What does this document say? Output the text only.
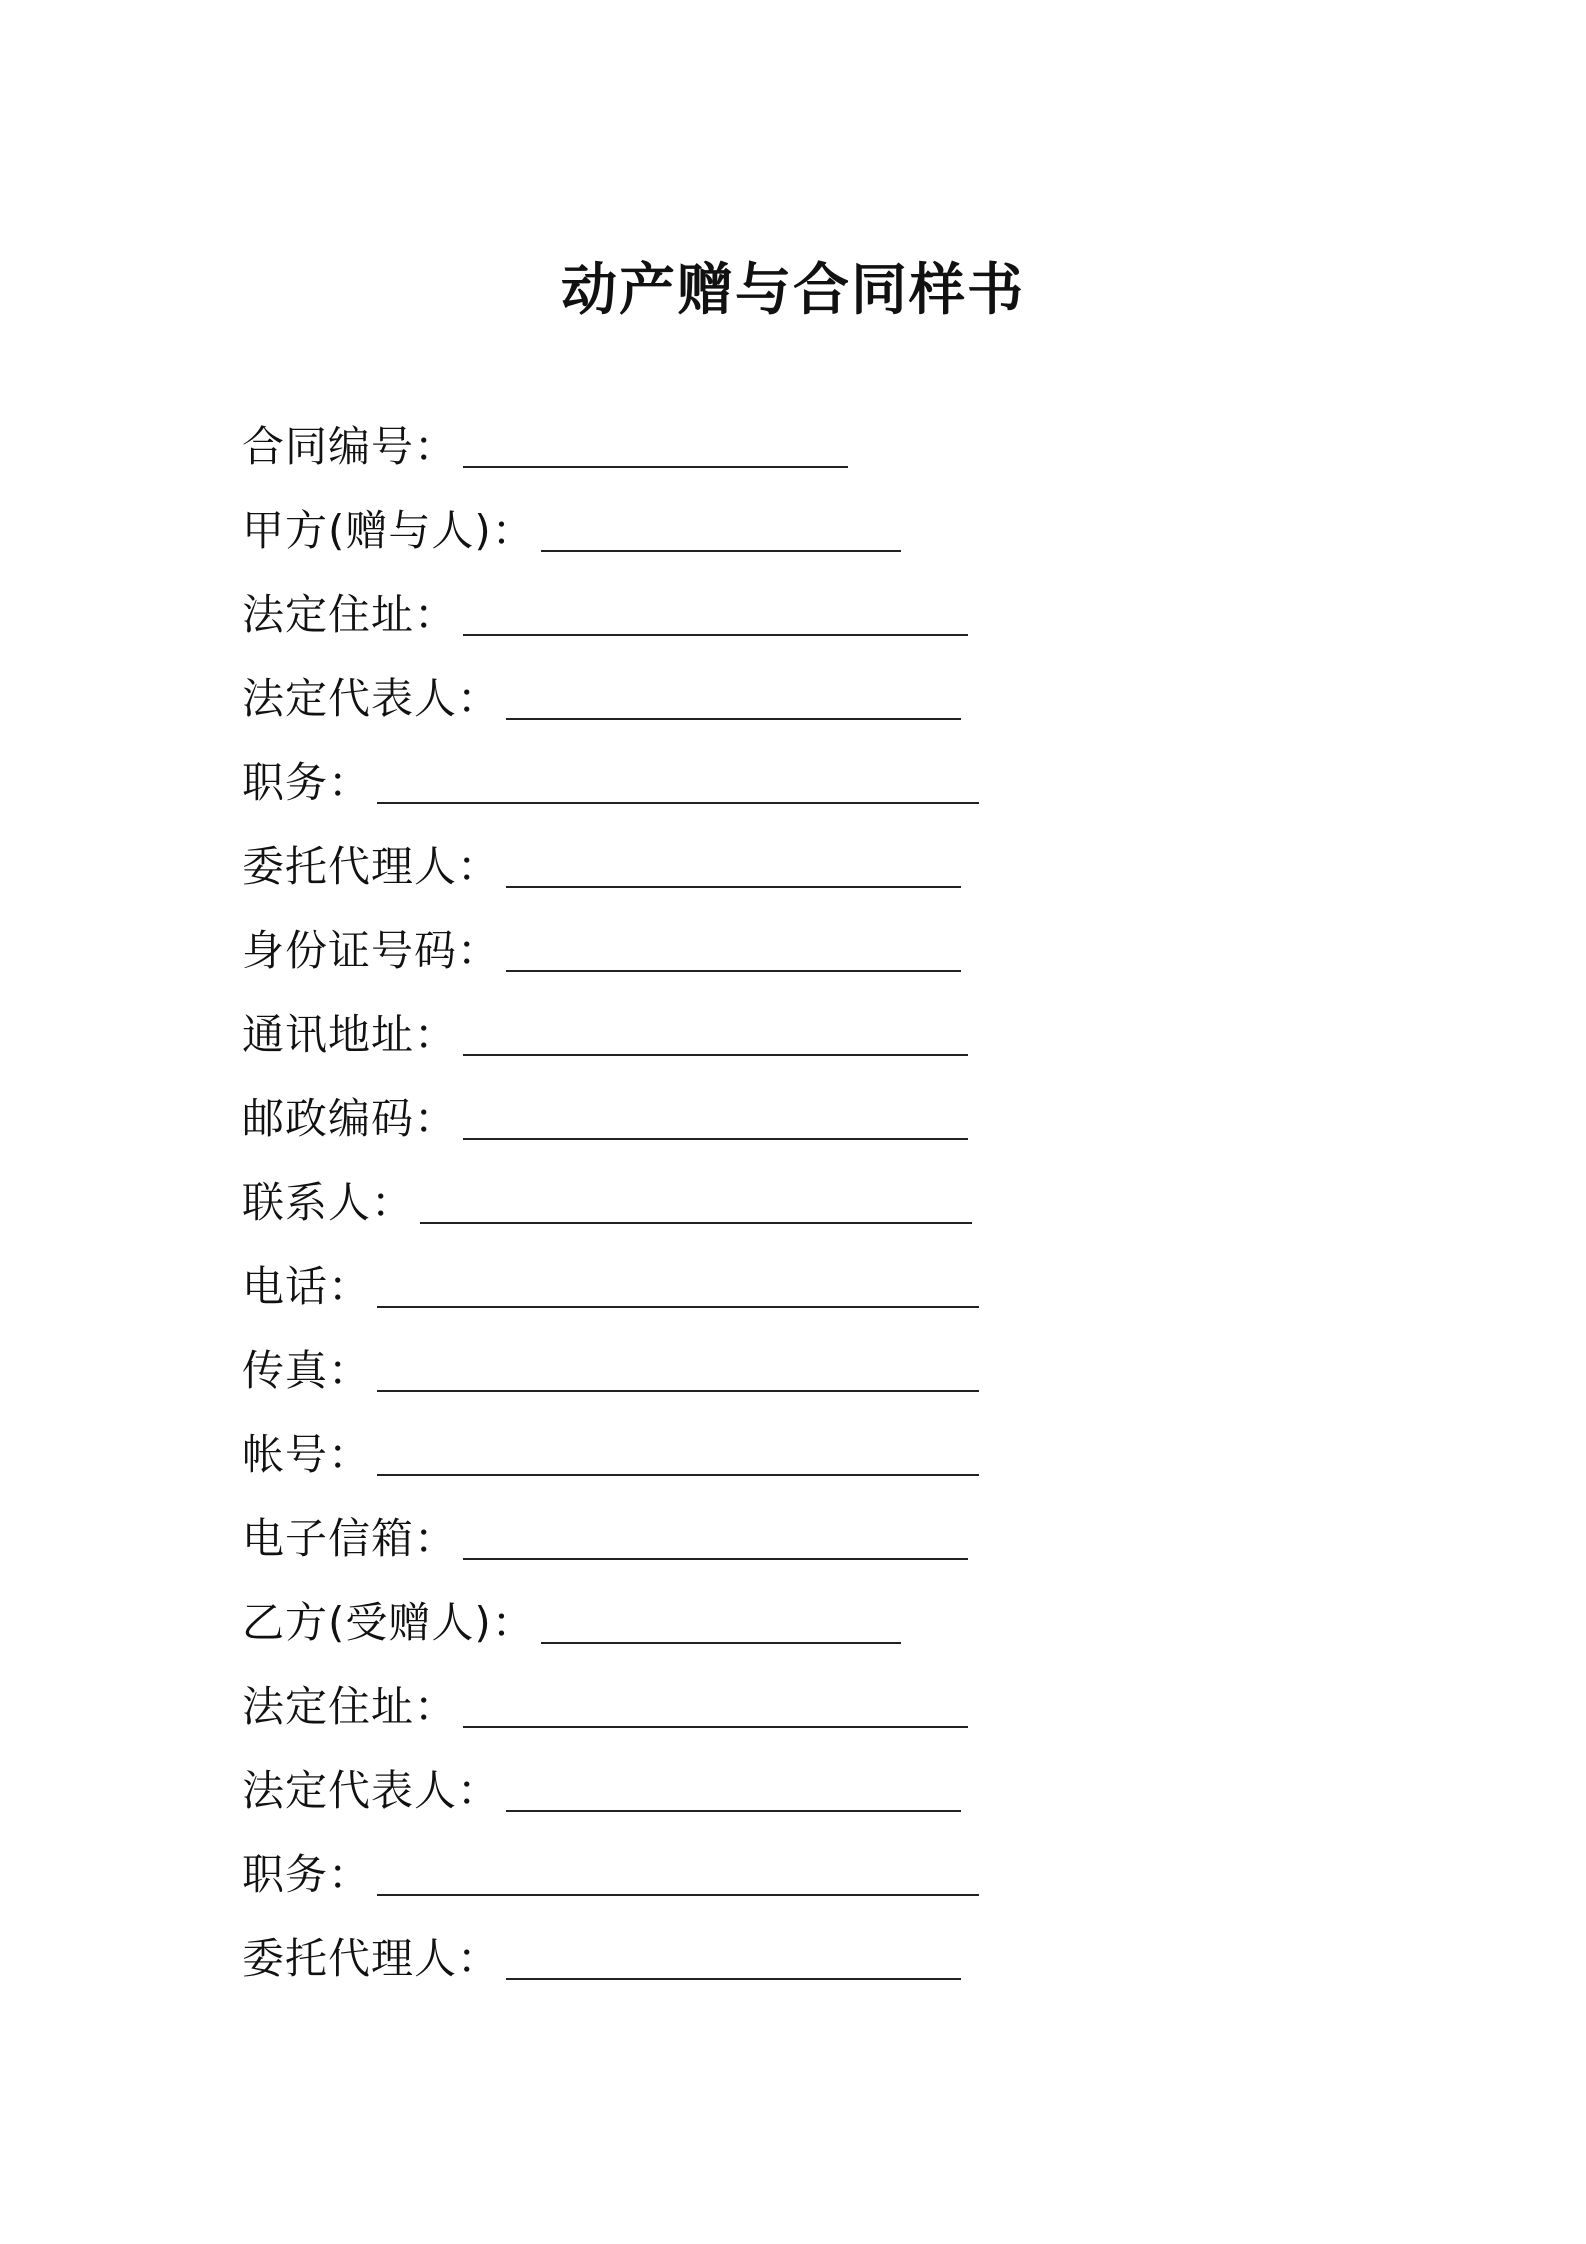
动产赠与合同样书
合同编号：
甲方(赠与人)：
法定住址：
法定代表人：
职务：
委托代理人：
身份证号码：
通讯地址：
邮政编码：
联系人：
电话：
传真：
帐号：
电子信箱：
乙方(受赠人)：
法定住址：
法定代表人：
职务：
委托代理人：
